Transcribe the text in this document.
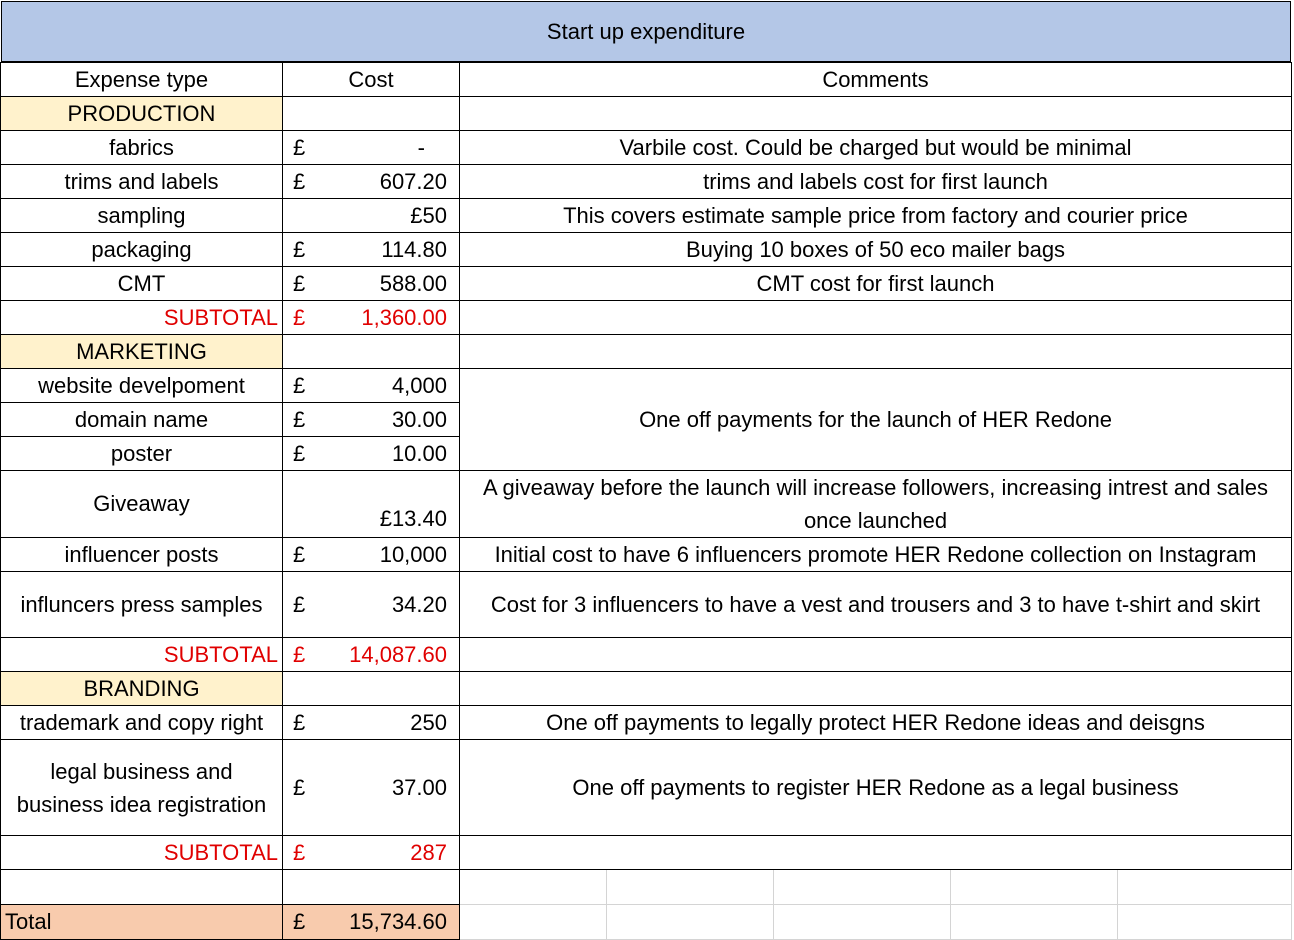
Start up expenditure
Expense type	Cost	Comments
PRODUCTION		
fabrics	£ -	Varbile cost. Could be charged but would be minimal
trims and labels	£ 607.20	trims and labels cost for first launch
sampling	£50	This covers estimate sample price from factory and courier price
packaging	£ 114.80	Buying 10 boxes of 50 eco mailer bags
CMT	£ 588.00	CMT cost for first launch
SUBTOTAL	£ 1,360.00	

MARKETING		
website develpoment	£ 4,000	One off payments for the launch of HER Redone
domain name	£ 30.00	

poster	£ 10.00	

Giveaway	£13.40	A giveaway before the launch will increase followers, increasing intrest and sales once launched
influencer posts	£ 10,000	Initial cost to have 6 influencers promote HER Redone collection on Instagram
influncers press samples	£ 34.20	Cost for 3 influencers to have a vest and trousers and 3 to have t-shirt and skirt
SUBTOTAL	£ 14,087.60	

BRANDING		
trademark and copy right	£ 250	One off payments to legally protect HER Redone ideas and deisgns
legal business and business idea registration	£ 37.00	One off payments to register HER Redone as a legal business
SUBTOTAL	£ 287	

Total	£ 15,734.60	
